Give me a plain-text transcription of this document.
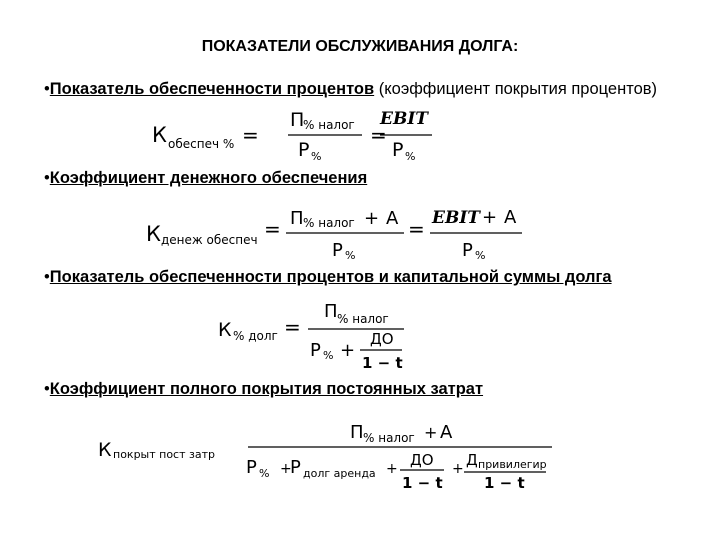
ПОКАЗАТЕЛИ ОБСЛУЖИВАНИЯ ДОЛГА:
•Показатель обеспеченности процентов (коэффициент покрытия процентов)
К обеспеч % =
П
% налог
Р %
=
EBIT
Р %
•Коэффициент денежного обеспечения
К денеж обеспеч = П % налог + А
Р %
= EBIT + А
Р %
•Показатель обеспеченности процентов и капитальной суммы долга
К % долг =
П % налог
Р % +
ДО
1 − t
•Коэффициент полного покрытия постоянных затрат
К покрыт пост затр
П % налог + А
Р % +
Р долг аренда + ДО
1 − t
+ Д привилегир
1 − t
